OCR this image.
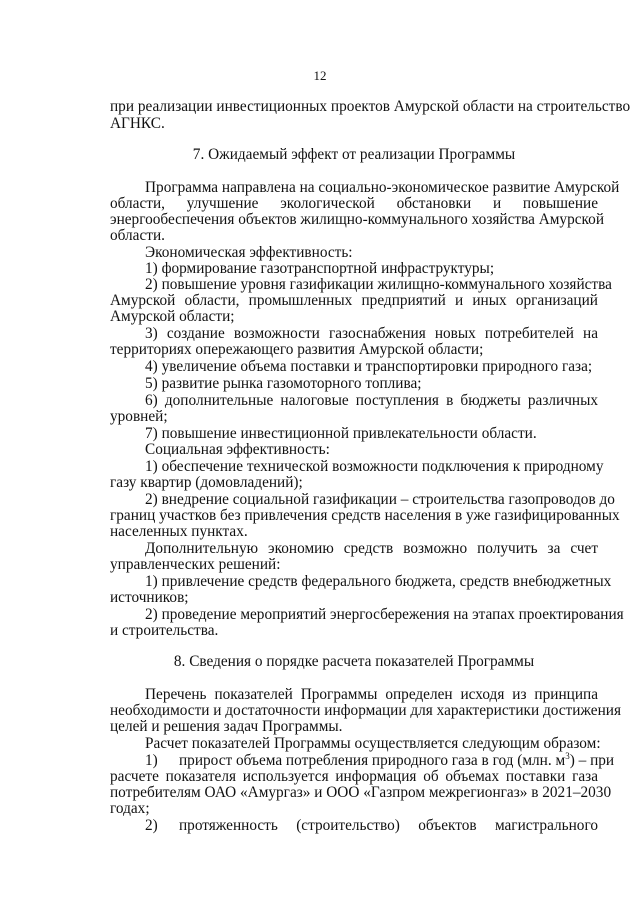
12
при реализации инвестиционных проектов Амурской области на строительство
АГНКС.
7. Ожидаемый эффект от реализации Программы
Программа направлена на социально-экономическое развитие Амурской
области, улучшение экологической обстановки и повышение
энергообеспечения объектов жилищно-коммунального хозяйства Амурской
области.
Экономическая эффективность:
1) формирование газотранспортной инфраструктуры;
2) повышение уровня газификации жилищно-коммунального хозяйства
Амурской области, промышленных предприятий и иных организаций
Амурской области;
3) создание возможности газоснабжения новых потребителей на
территориях опережающего развития Амурской области;
4) увеличение объема поставки и транспортировки природного газа;
5) развитие рынка газомоторного топлива;
6) дополнительные налоговые поступления в бюджеты различных
уровней;
7) повышение инвестиционной привлекательности области.
Социальная эффективность:
1) обеспечение технической возможности подключения к природному
газу квартир (домовладений);
2) внедрение социальной газификации – строительства газопроводов до
границ участков без привлечения средств населения в уже газифицированных
населенных пунктах.
Дополнительную экономию средств возможно получить за счет
управленческих решений:
1) привлечение средств федерального бюджета, средств внебюджетных
источников;
2) проведение мероприятий энергосбережения на этапах проектирования
и строительства.
8. Сведения о порядке расчета показателей Программы
Перечень показателей Программы определен исходя из принципа
необходимости и достаточности информации для характеристики достижения
целей и решения задач Программы.
Расчет показателей Программы осуществляется следующим образом:
1) прирост объема потребления природного газа в год (млн. $м^3$) – при
расчете показателя используется информация об объемах поставки газа
потребителям ОАО «Амургаз» и ООО «Газпром межрегионгаз» в 2021–2030
годах;
2) протяженность (строительство) объектов магистрального
